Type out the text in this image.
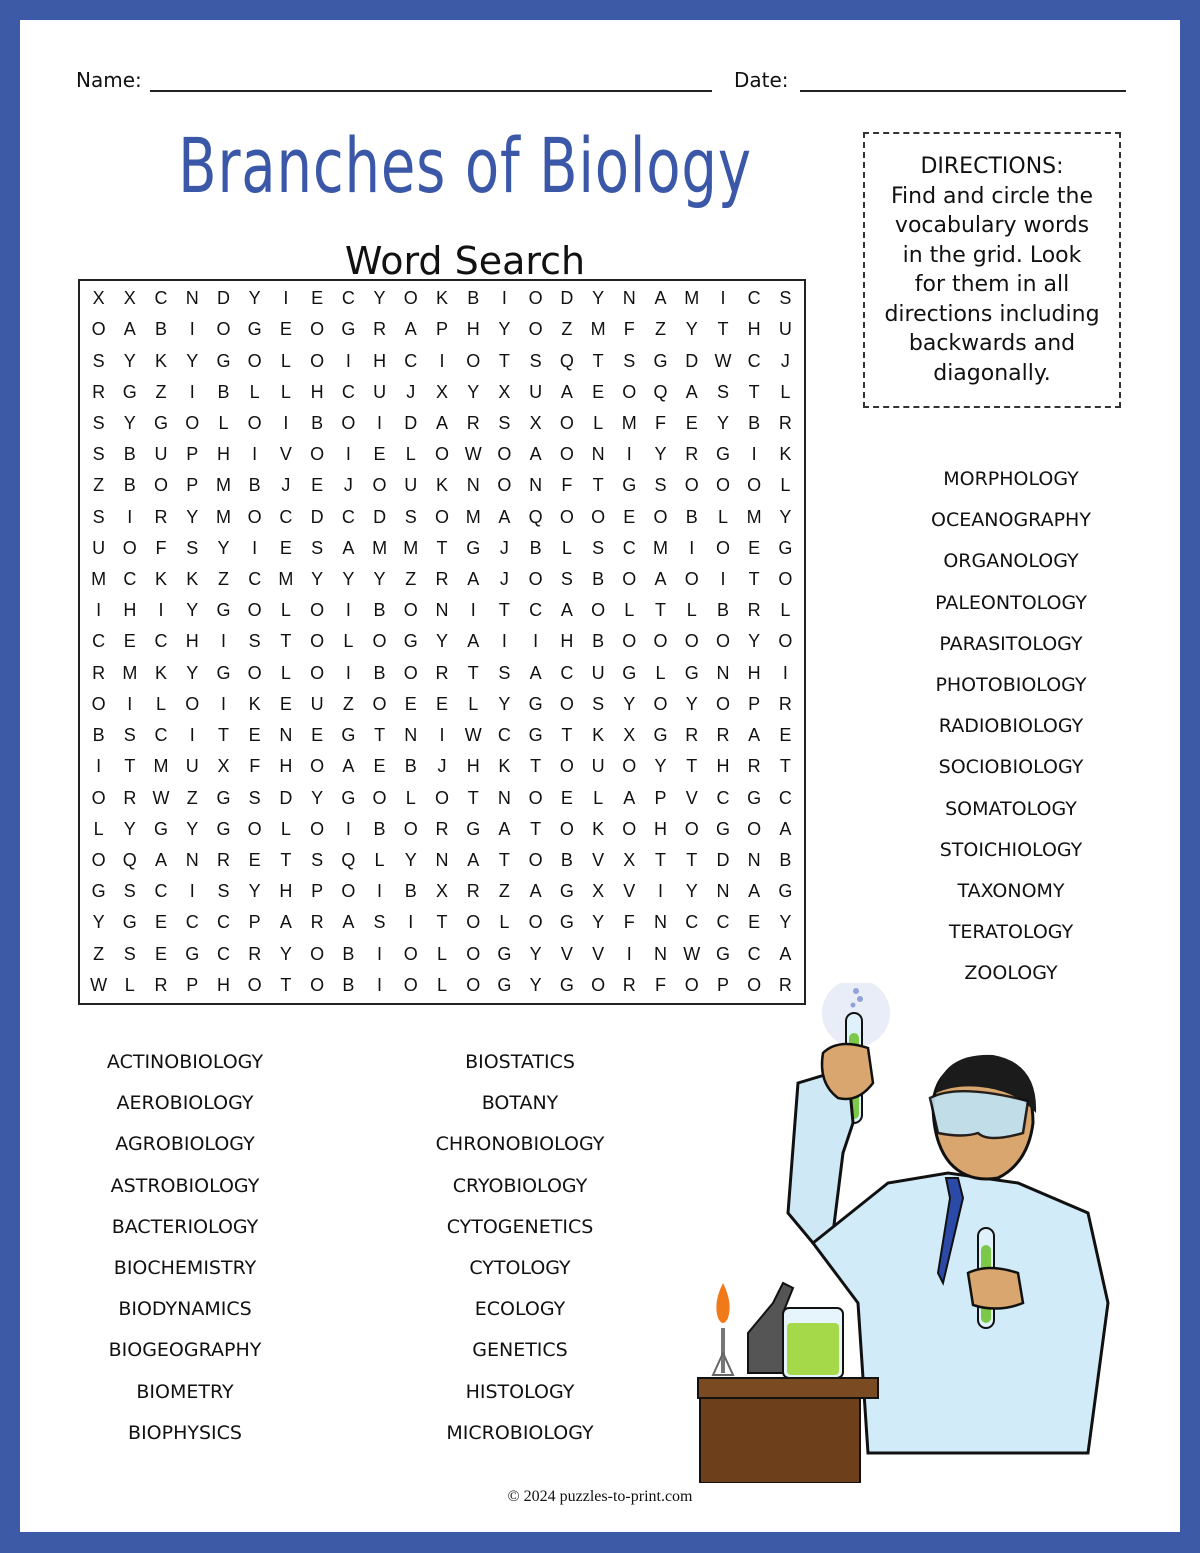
Name:	Date:
Branches of Biology
Word Search
DIRECTIONS:
Find and circle the
vocabulary words
in the grid. Look
for them in all
directions including
backwards and
diagonally.
X	X	C	N	D	Y	I	E	C	Y	O	K	B	I	O D	Y	N	A M	I	C	S
O	A	B	I	O G	E	O G R	A	P	H	Y	O	Z	M	F	Z	Y	T	H	U
S	Y	K	Y	G O	L	O	I	H	C	I	O	T	S	Q	T	S	G D W C	J
R G	Z	I	B	L	L	H	C	U	J	X	Y	X	U	A	E	O Q	A	S	T	L
S	Y	G O	L	O	I	B	O	I	D	A	R	S	X	O	L	M	F	E	Y	B	R
S	B	U	P	H	I	V	O	I	E	L	O W O	A	O N	I	Y	R G	I	K
Z	B	O	P M B	J	E	J	O U	K	N O N	F	T	G	S	O O O	L
S	I	R	Y M O C	D	C	D	S	O M A	Q O O	E	O	B	L	M Y
U O	F	S	Y	I	E	S	A M M	T	G	J	B	L	S	C M	I	O	E	G
M C	K	K	Z	C M Y	Y	Y	Z	R	A	J	O	S	B	O	A	O	I	T	O
I	H	I	Y	G O	L	O	I	B	O N	I	T	C	A	O	L	T	L	B	R	L
C	E	C	H	I	S	T	O	L	O G	Y	A	I	I	H	B	O O O O	Y	O
R M K	Y	G O	L	O	I	B	O R	T	S	A	C	U G	L	G N	H	I
O	I	L	O	I	K	E	U	Z	O	E	E	L	Y	G O	S	Y	O	Y	O	P	R
B	S	C	I	T	E	N	E	G	T	N	I	W C G	T	K	X	G R	R	A	E
I	T	M U	X	F	H O	A	E	B	J	H	K	T	O U O	Y	T	H	R	T
O R W Z	G	S	D	Y	G O	L	O	T	N O	E	L	A	P	V	C G C
L	Y	G	Y	G O	L	O	I	B	O R G	A	T	O	K	O H O G O	A
O Q	A	N	R	E	T	S	Q	L	Y	N	A	T	O	B	V	X	T	T	D	N	B
G	S	C	I	S	Y	H	P	O	I	B	X	R	Z	A	G	X	V	I	Y	N	A	G
Y	G	E	C	C	P	A	R	A	S	I	T	O	L	O G	Y	F	N	C	C	E	Y
Z	S	E	G C	R	Y	O	B	I	O	L	O G	Y	V	V	I	N W G C	A
W L	R	P	H O	T	O	B	I	O	L	O G	Y	G O R	F	O	P	O R
MORPHOLOGY
OCEANOGRAPHY
ORGANOLOGY
PALEONTOLOGY
PARASITOLOGY
PHOTOBIOLOGY
RADIOBIOLOGY
SOCIOBIOLOGY
SOMATOLOGY
STOICHIOLOGY
TAXONOMY
TERATOLOGY
ZOOLOGY
ACTINOBIOLOGY
AEROBIOLOGY
AGROBIOLOGY
ASTROBIOLOGY
BACTERIOLOGY
BIOCHEMISTRY
BIODYNAMICS
BIOGEOGRAPHY
BIOMETRY
BIOPHYSICS
BIOSTATICS
BOTANY
CHRONOBIOLOGY
CRYOBIOLOGY
CYTOGENETICS
CYTOLOGY
ECOLOGY
GENETICS
HISTOLOGY
MICROBIOLOGY
© 2024 puzzles-to-print.com
